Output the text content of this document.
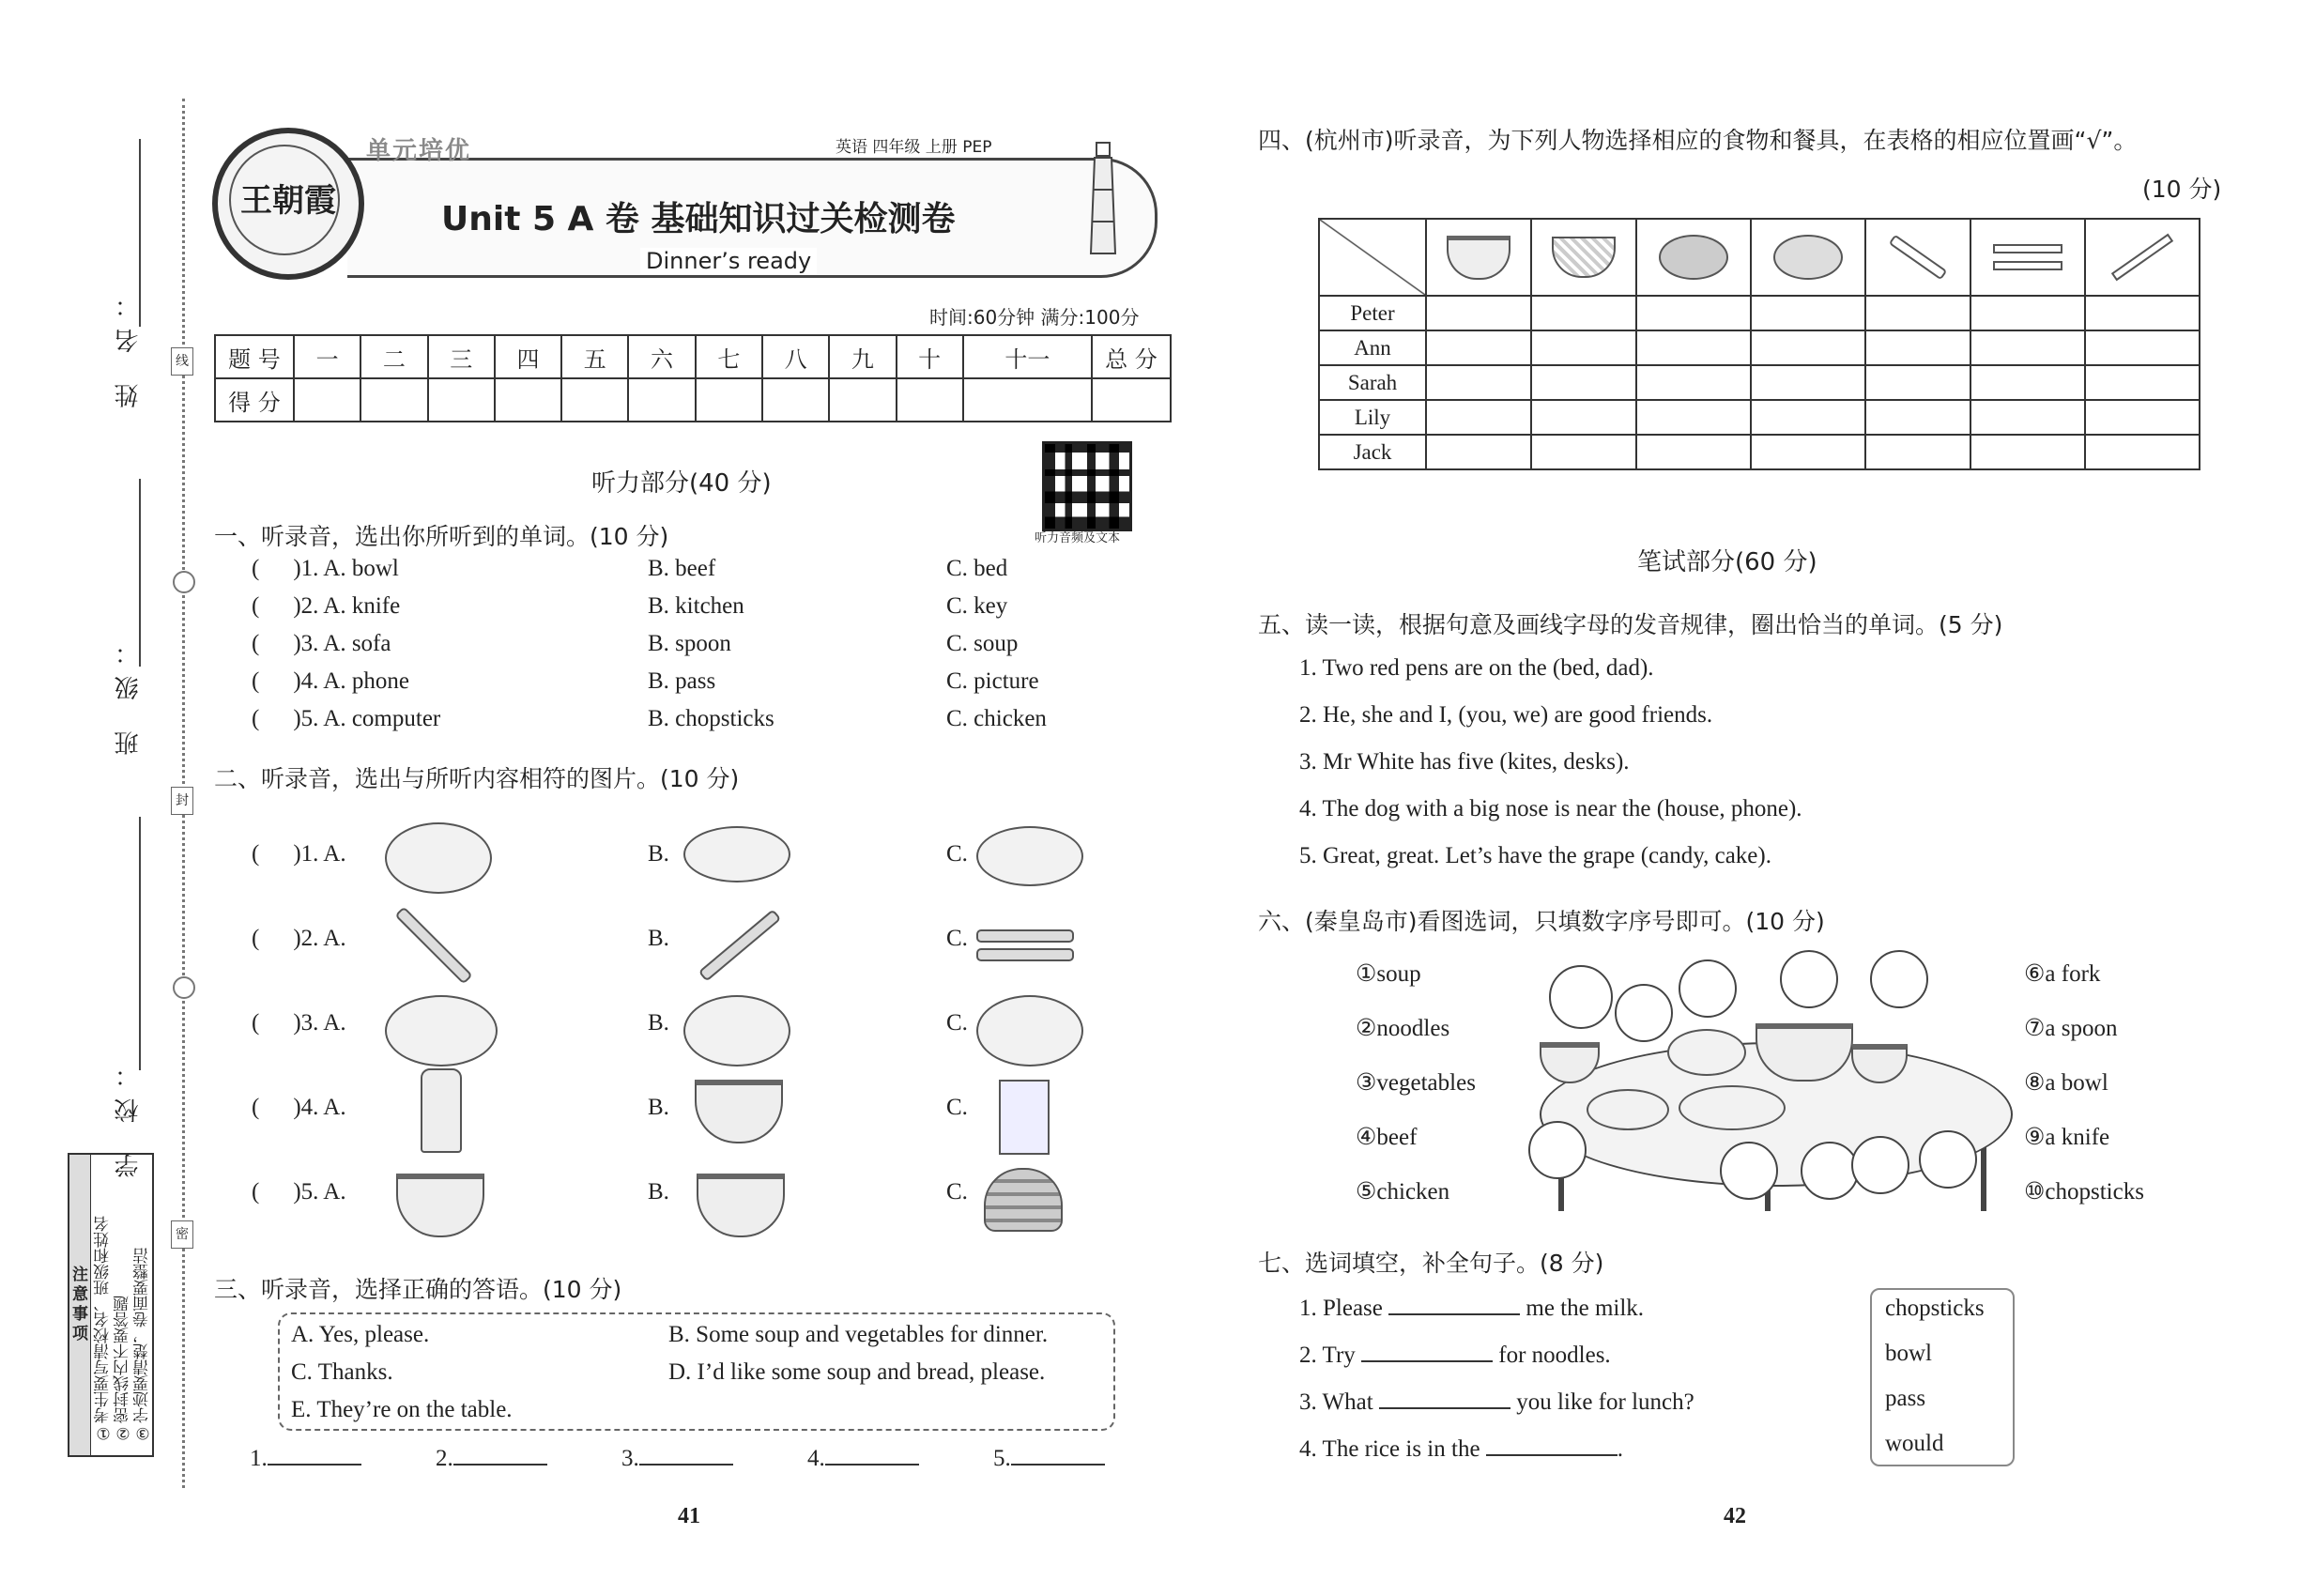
姓 名：
班 级：
学 校：
线
封
密
注意事项 ①考生要写清校名、班级和姓名 ②密封线内不要答题 ③字迹要清楚，卷面要整洁
王朝霞
单元培优	英语 四年级 上册 PEP
Unit 5 A 卷 基础知识过关检测卷
Dinner’s ready
时间:60分钟 满分:100分
题 号	一	二	三	四	五	六	七	八	九	十	十一	总 分
得 分												
听力部分(40 分)
听力音频及文本
一、听录音，选出你所听到的单词。(10 分)
( )1. A. bowl	B. beef	C. bed
( )2. A. knife	B. kitchen	C. key
( )3. A. sofa	B. spoon	C. soup
( )4. A. phone	B. pass	C. picture
( )5. A. computer	B. chopsticks	C. chicken
二、听录音，选出与所听内容相符的图片。(10 分)
( )1. A.	B.	C.
( )2. A.	B.	C.
( )3. A.	B.	C.
( )4. A.	B.	C.
( )5. A.	B.	C.
三、听录音，选择正确的答语。(10 分)
A. Yes, please.	B. Some soup and vegetables for dinner.
C. Thanks.	D. I’d like some soup and bread, please.
E. They’re on the table.
1.	2.	3.	4.	5.
41	42
四、(杭州市)听录音，为下列人物选择相应的食物和餐具，在表格的相应位置画“√”。
(10 分)

Peter							
Ann							
Sarah							
Lily							
Jack							
笔试部分(60 分)
五、读一读，根据句意及画线字母的发音规律，圈出恰当的单词。(5 分)
1. Two red pens are on the (bed, dad).
2. He, she and I, (you, we) are good friends.
3. Mr White has five (kites, desks).
4. The dog with a big nose is near the (house, phone).
5. Great, great. Let’s have the grape (candy, cake).
六、(秦皇岛市)看图选词，只填数字序号即可。(10 分)
①soup
②noodles
③vegetables
④beef
⑤chicken
⑥a fork
⑦a spoon
⑧a bowl
⑨a knife
⑩chopsticks
七、选词填空，补全句子。(8 分)
1. Please	me the milk.
2. Try	for noodles.
3. What	you like for lunch?
4. The rice is in the	.
chopsticks
bowl
pass
would
